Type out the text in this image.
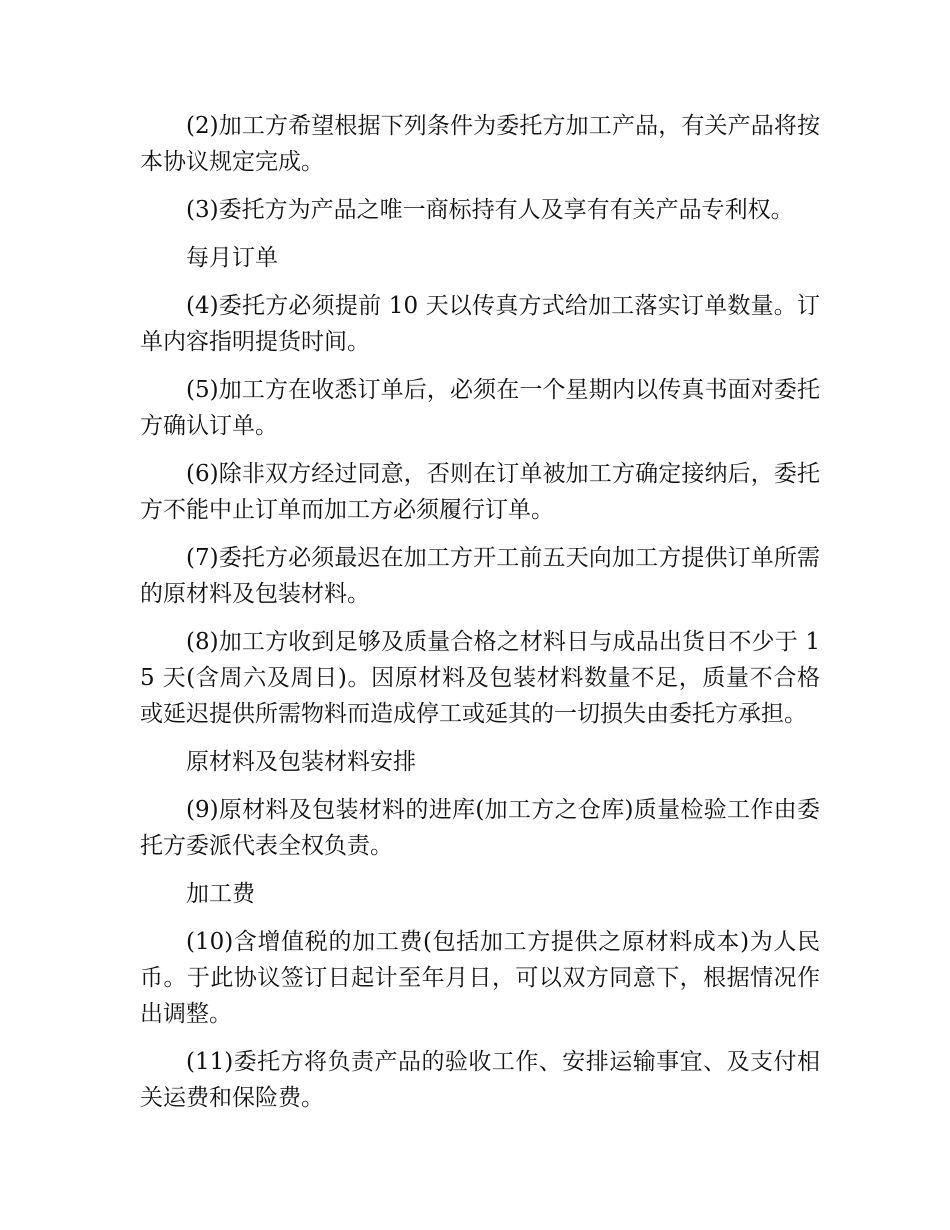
(2)加工方希望根据下列条件为委托方加工产品，有关产品将按本协议规定完成。

(3)委托方为产品之唯一商标持有人及享有有关产品专利权。

每月订单

(4)委托方必须提前 10 天以传真方式给加工落实订单数量。订单内容指明提货时间。

(5)加工方在收悉订单后，必须在一个星期内以传真书面对委托方确认订单。

(6)除非双方经过同意，否则在订单被加工方确定接纳后，委托方不能中止订单而加工方必须履行订单。

(7)委托方必须最迟在加工方开工前五天向加工方提供订单所需的原材料及包装材料。

(8)加工方收到足够及质量合格之材料日与成品出货日不少于 15 天(含周六及周日)。因原材料及包装材料数量不足，质量不合格或延迟提供所需物料而造成停工或延其的一切损失由委托方承担。

原材料及包装材料安排

(9)原材料及包装材料的进库(加工方之仓库)质量检验工作由委托方委派代表全权负责。

加工费

(10)含增值税的加工费(包括加工方提供之原材料成本)为人民币。于此协议签订日起计至年月日，可以双方同意下，根据情况作出调整。

(11)委托方将负责产品的验收工作、安排运输事宜、及支付相关运费和保险费。
